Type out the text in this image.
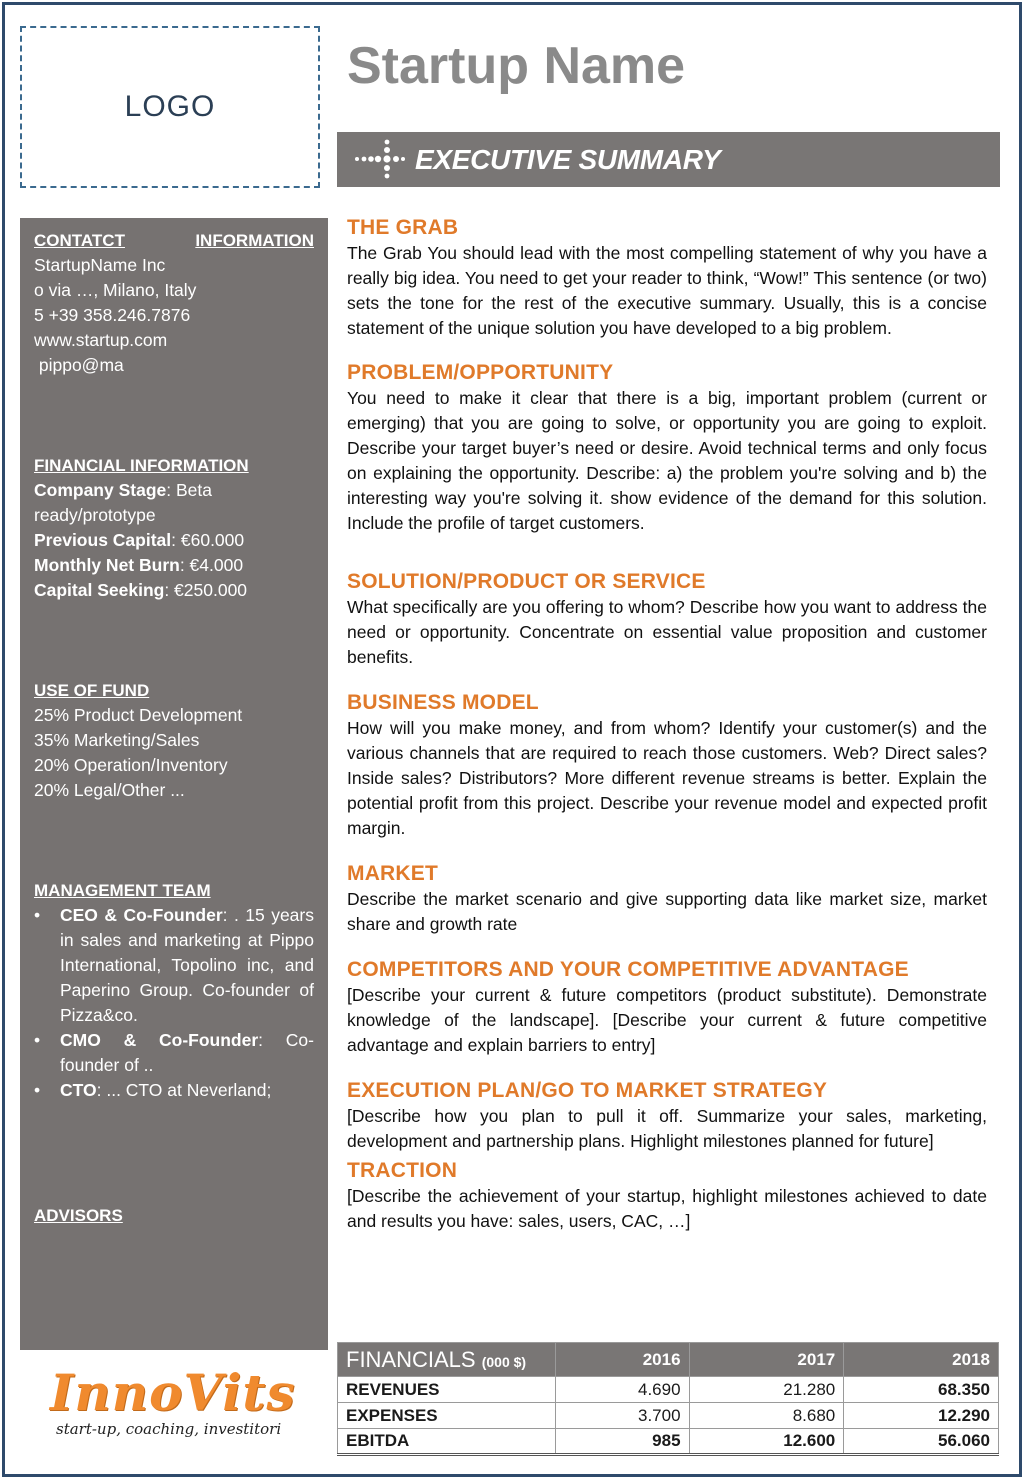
LOGO
Startup Name
EXECUTIVE SUMMARY
CONTATCT	INFORMATION
StartupName Inc
o via …, Milano, Italy
5 +39 358.246.7876
www.startup.com
pippo@ma
FINANCIAL INFORMATION
Company Stage: Beta
ready/prototype
Previous Capital: €60.000
Monthly Net Burn: €4.000
Capital Seeking: €250.000
USE OF FUND
25% Product Development
35% Marketing/Sales
20% Operation/Inventory
20% Legal/Other ...
MANAGEMENT TEAM
• CEO & Co-Founder: . 15 years in sales and marketing at Pippo International, Topolino inc, and Paperino Group. Co-founder of Pizza&co.
• CMO & Co-Founder: Co-founder of ..
• CTO: ... CTO at Neverland;
ADVISORS
THE GRAB

The Grab You should lead with the most compelling statement of why you have a really big idea. You need to get your reader to think, “Wow!” This sentence (or two) sets the tone for the rest of the executive summary. Usually, this is a concise statement of the unique solution you have developed to a big problem.

PROBLEM/OPPORTUNITY

You need to make it clear that there is a big, important problem (current or emerging) that you are going to solve, or opportunity you are going to exploit. Describe your target buyer’s need or desire. Avoid technical terms and only focus on explaining the opportunity. Describe: a) the problem you're solving and b) the interesting way you're solving it. show evidence of the demand for this solution. Include the profile of target customers.

SOLUTION/PRODUCT OR SERVICE

What specifically are you offering to whom? Describe how you want to address the need or opportunity. Concentrate on essential value proposition and customer benefits.

BUSINESS MODEL

How will you make money, and from whom? Identify your customer(s) and the various channels that are required to reach those customers. Web? Direct sales? Inside sales? Distributors? More different revenue streams is better. Explain the potential profit from this project. Describe your revenue model and expected profit margin.

MARKET

Describe the market scenario and give supporting data like market size, market share and growth rate

COMPETITORS AND YOUR COMPETITIVE ADVANTAGE

[Describe your current & future competitors (product substitute). Demonstrate knowledge of the landscape]. [Describe your current & future competitive advantage and explain barriers to entry]

EXECUTION PLAN/GO TO MARKET STRATEGY

[Describe how you plan to pull it off. Summarize your sales, marketing, development and partnership plans. Highlight milestones planned for future]

TRACTION

[Describe the achievement of your startup, highlight milestones achieved to date and results you have: sales, users, CAC, …]

FINANCIALS (000 $)	2016	2017	2018
REVENUES	4.690	21.280	68.350
EXPENSES	3.700	8.680	12.290
EBITDA	985	12.600	56.060
InnoVits
start-up, coaching, investitori
